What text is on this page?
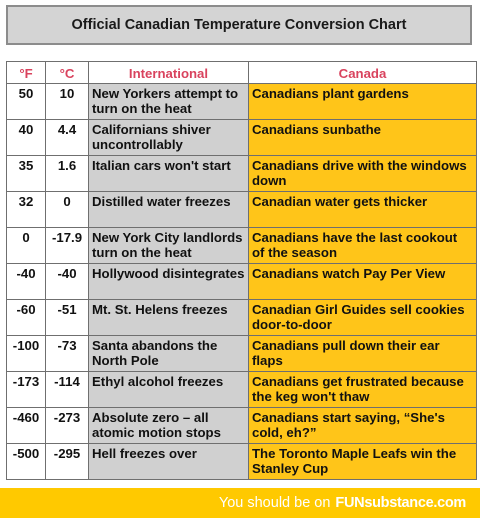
Official Canadian Temperature Conversion Chart
°F	°C	International	Canada
50	10	New Yorkers attempt to turn on the heat	Canadians plant gardens
40	4.4	Californians shiver uncontrollably	Canadians sunbathe
35	1.6	Italian cars won't start	Canadians drive with the windows down
32	0	Distilled water freezes	Canadian water gets thicker
0	-17.9	New York City landlords turn on the heat	Canadians have the last cookout of the season
-40	-40	Hollywood disintegrates	Canadians watch Pay Per View
-60	-51	Mt. St. Helens freezes	Canadian Girl Guides sell cookies door-to-door
-100	-73	Santa abandons the North Pole	Canadians pull down their ear flaps
-173	-114	Ethyl alcohol freezes	Canadians get frustrated because the keg won't thaw
-460	-273	Absolute zero – all atomic motion stops	Canadians start saying, “She's cold, eh?”
-500	-295	Hell freezes over	The Toronto Maple Leafs win the Stanley Cup
You should be on FUNsubstance.com
